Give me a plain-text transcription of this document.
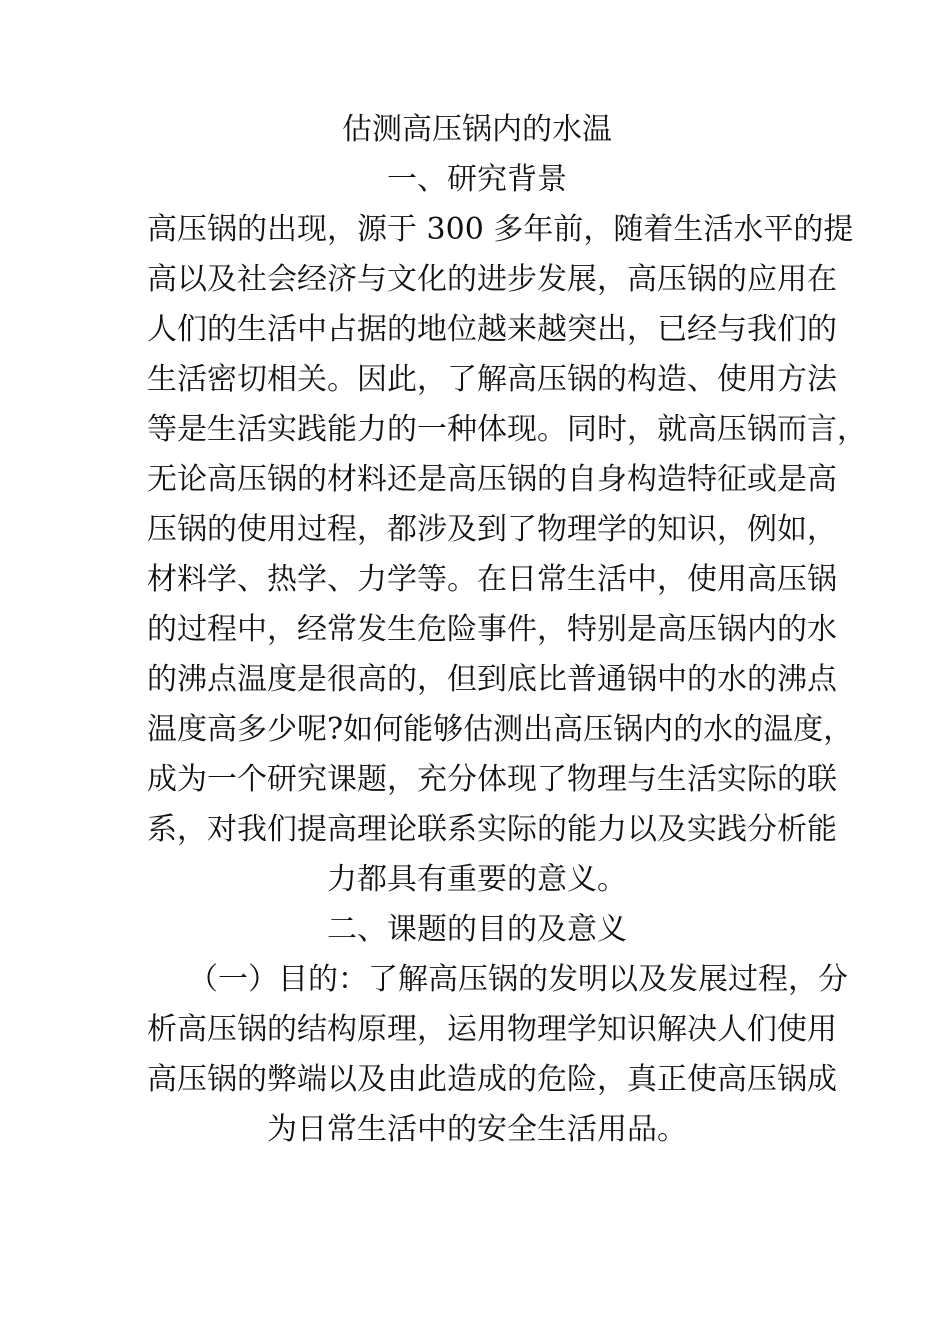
估测高压锅内的水温
一、研究背景
高压锅的出现，源于 300 多年前，随着生活水平的提
高以及社会经济与文化的进步发展，高压锅的应用在
人们的生活中占据的地位越来越突出，已经与我们的
生活密切相关。因此，了解高压锅的构造、使用方法
等是生活实践能力的一种体现。同时，就高压锅而言，
无论高压锅的材料还是高压锅的自身构造特征或是高
压锅的使用过程，都涉及到了物理学的知识，例如，
材料学、热学、力学等。在日常生活中，使用高压锅
的过程中，经常发生危险事件，特别是高压锅内的水
的沸点温度是很高的，但到底比普通锅中的水的沸点
温度高多少呢?如何能够估测出高压锅内的水的温度，
成为一个研究课题，充分体现了物理与生活实际的联
系，对我们提高理论联系实际的能力以及实践分析能
力都具有重要的意义。
二、课题的目的及意义
（一）目的：了解高压锅的发明以及发展过程，分
析高压锅的结构原理，运用物理学知识解决人们使用
高压锅的弊端以及由此造成的危险，真正使高压锅成
为日常生活中的安全生活用品。
